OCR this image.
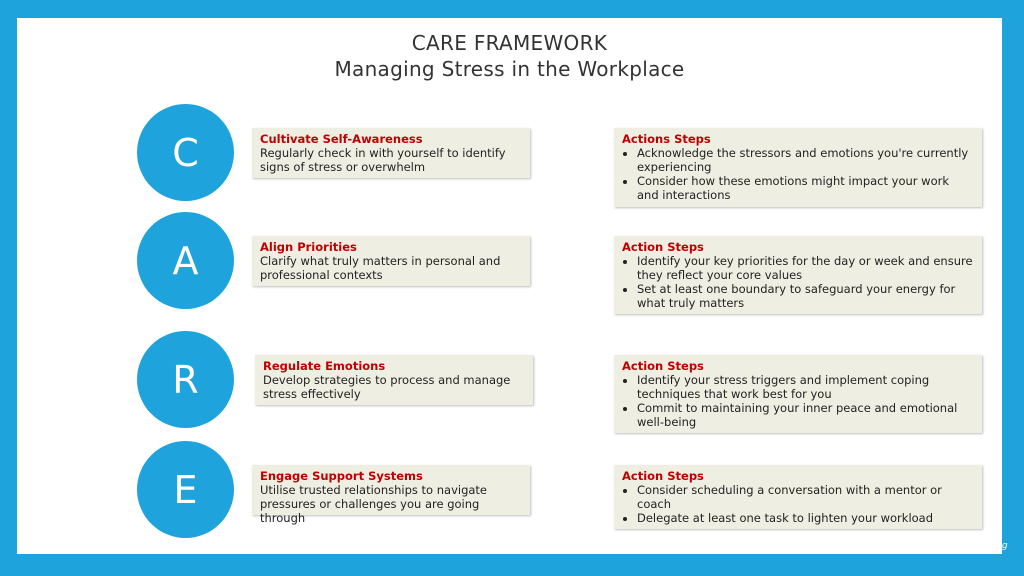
CARE FRAMEWORK
Managing Stress in the Workplace
C	Cultivate Self-Awareness
Regularly check in with yourself to identify signs of stress or overwhelm
Actions Steps
• Acknowledge the stressors and emotions you're currently experiencing
• Consider how these emotions might impact your work and interactions
A	Align Priorities
Clarify what truly matters in personal and professional contexts
Action Steps
• Identify your key priorities for the day or week and ensure they reflect your core values
• Set at least one boundary to safeguard your energy for what truly matters
R	Regulate Emotions
Develop strategies to process and manage stress effectively
Action Steps
• Identify your stress triggers and implement coping techniques that work best for you
• Commit to maintaining your inner peace and emotional well-being
E	Engage Support Systems
Utilise trusted relationships to navigate pressures or challenges you are going through
Action Steps
• Consider scheduling a conversation with a mentor or coach
• Delegate at least one task to lighten your workload
© EMJ COACHING: A safe space for career, leadership and life coaching
